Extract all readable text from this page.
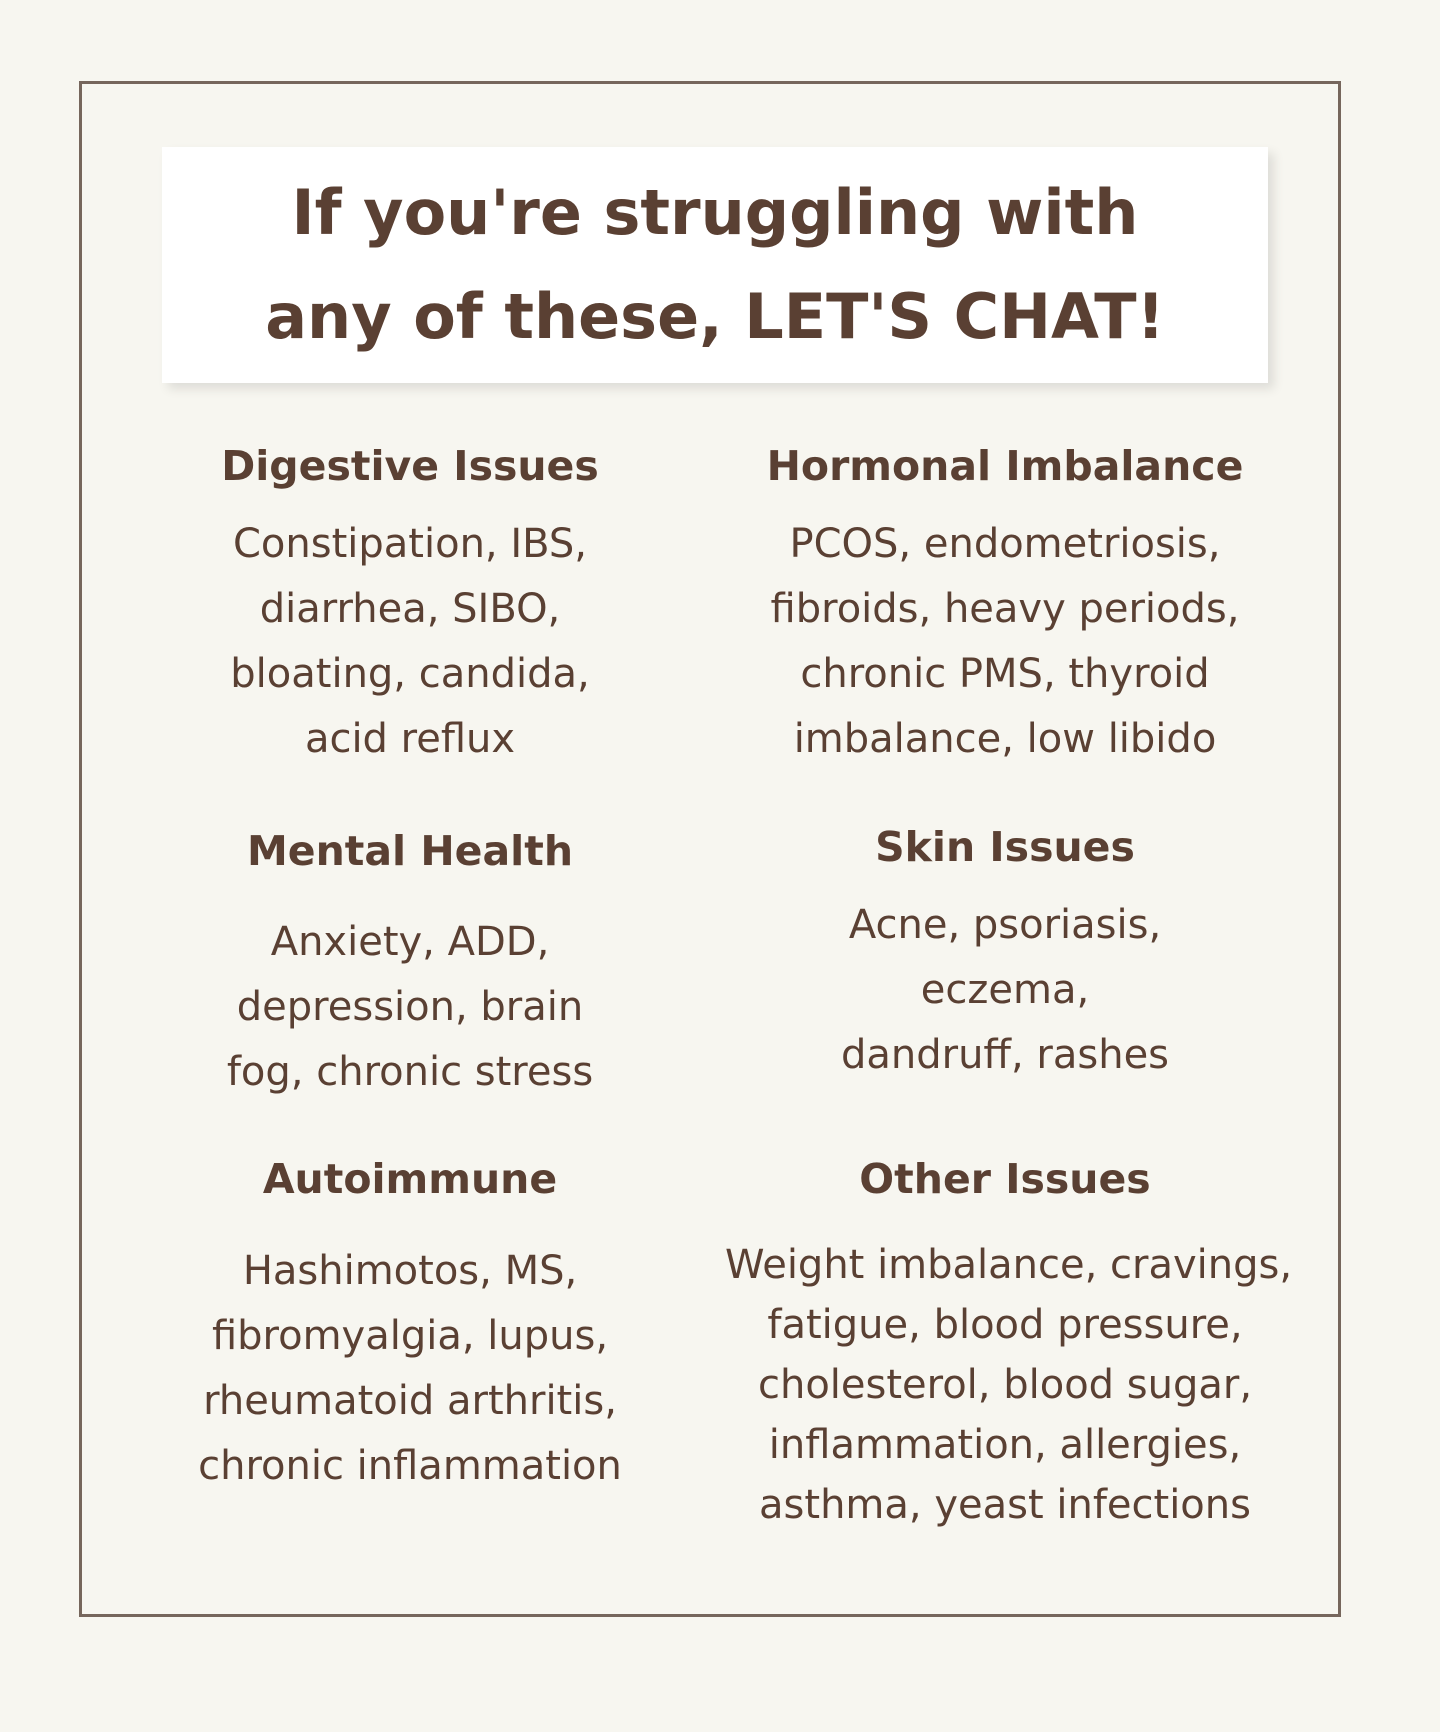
If you're struggling with
any of these, LET'S CHAT!
Digestive Issues
Constipation, IBS,
diarrhea, SIBO,
bloating, candida,
acid reflux
Hormonal Imbalance
PCOS, endometriosis,
fibroids, heavy periods,
chronic PMS, thyroid
imbalance, low libido
Mental Health
Anxiety, ADD,
depression, brain
fog, chronic stress
Skin Issues
Acne, psoriasis,
eczema,
dandruff, rashes
Autoimmune
Hashimotos, MS,
fibromyalgia, lupus,
rheumatoid arthritis,
chronic inflammation
Other Issues
Weight imbalance, cravings,
fatigue, blood pressure,
cholesterol, blood sugar,
inflammation, allergies,
asthma, yeast infections
